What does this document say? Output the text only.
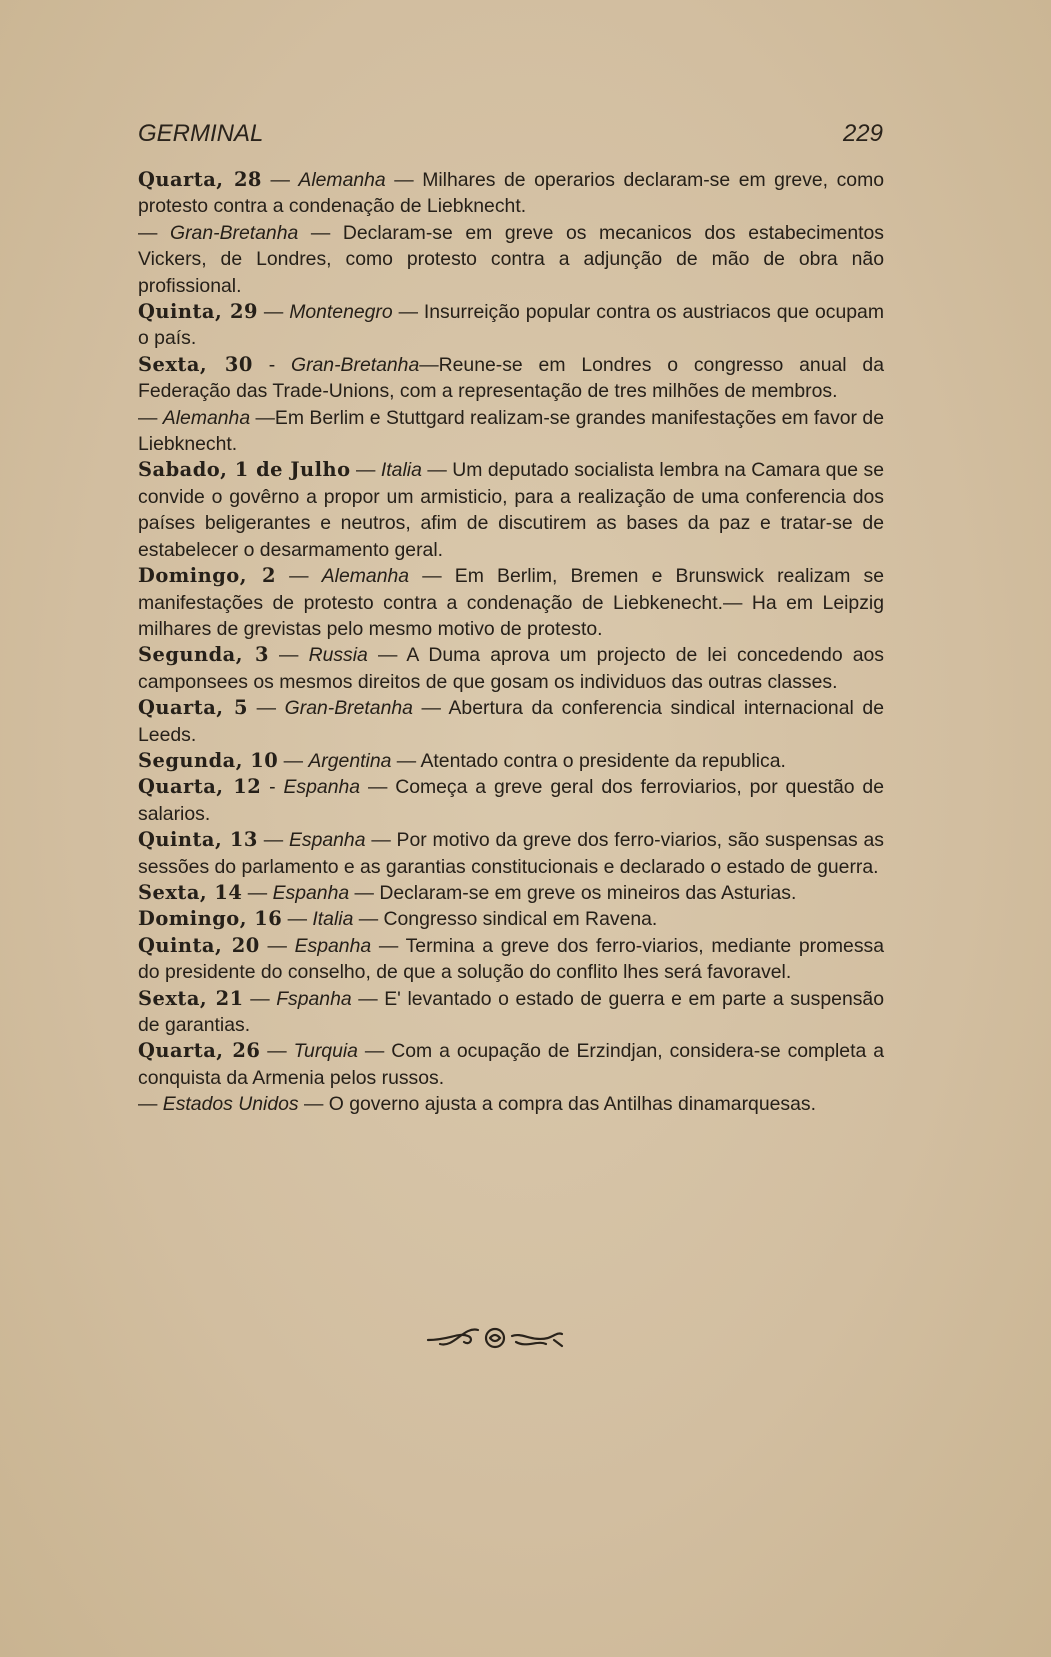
GERMINAL	229

Quarta, 28 — Alemanha — Milhares de operarios declaram-se em greve, como protesto contra a condenação de Liebknecht.

— Gran-Bretanha — Declaram-se em greve os mecanicos dos estabecimentos Vickers, de Londres, como protesto contra a adjunção de mão de obra não profissional.

Quinta, 29 — Montenegro — Insurreição popular contra os austriacos que ocupam o país.

Sexta, 30 - Gran-Bretanha—Reune-se em Londres o congresso anual da Federação das Trade-Unions, com a representação de tres milhões de membros.

— Alemanha —Em Berlim e Stuttgard realizam-se grandes manifestações em favor de Liebknecht.

Sabado, 1 de Julho — Italia — Um deputado socialista lembra na Camara que se convide o govêrno a propor um armisticio, para a realização de uma conferencia dos países beligerantes e neutros, afim de discutirem as bases da paz e tratar-se de estabelecer o desarmamento geral.

Domingo, 2 — Alemanha — Em Berlim, Bremen e Brunswick realizam se manifestações de protesto contra a condenação de Liebkenecht.— Ha em Leipzig milhares de grevistas pelo mesmo motivo de protesto.

Segunda, 3 — Russia — A Duma aprova um projecto de lei concedendo aos camponsees os mesmos direitos de que gosam os individuos das outras classes.

Quarta, 5 — Gran-Bretanha — Abertura da conferencia sindical internacional de Leeds.

Segunda, 10 — Argentina — Atentado contra o presidente da republica.

Quarta, 12 - Espanha — Começa a greve geral dos ferroviarios, por questão de salarios.

Quinta, 13 — Espanha — Por motivo da greve dos ferro-viarios, são suspensas as sessões do parlamento e as garantias constitucionais e declarado o estado de guerra.

Sexta, 14 — Espanha — Declaram-se em greve os mineiros das Asturias.

Domingo, 16 — Italia — Congresso sindical em Ravena.

Quinta, 20 — Espanha — Termina a greve dos ferro-viarios, mediante promessa do presidente do conselho, de que a solução do conflito lhes será favoravel.

Sexta, 21 — Fspanha — E' levantado o estado de guerra e em parte a suspensão de garantias.

Quarta, 26 — Turquia — Com a ocupação de Erzindjan, considera-se completa a conquista da Armenia pelos russos.

— Estados Unidos — O governo ajusta a compra das Antilhas dinamarquesas.
